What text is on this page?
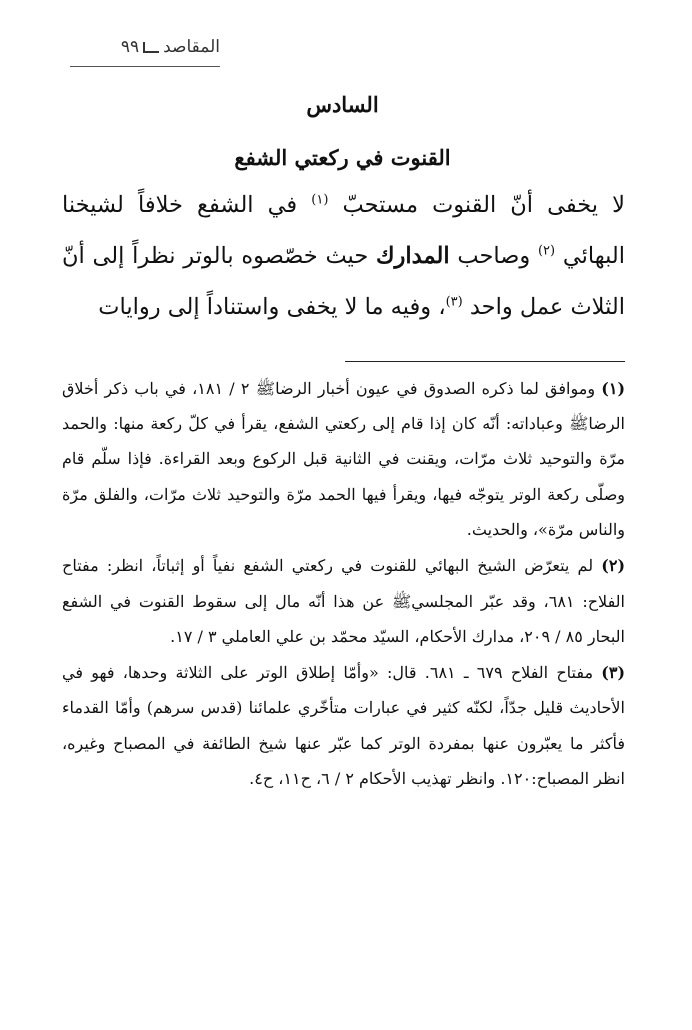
المقاصد٩٩
السادس
القنوت في ركعتي الشفع

لا يخفى أنّ القنوت مستحبّ $^{(١)}$ في الشفع خلافاً لشيخنا البهائي $^{(٢)}$ وصاحب المدارك حيث خصّصوه بالوتر نظراً إلى أنّ الثلاث عمل واحد $^{(٣)}$، وفيه ما لا يخفى واستناداً إلى روايات

(١) وموافق لما ذكره الصدوق في عيون أخبار الرضاﷺ ٢ / ١٨١، في باب ذكر أخلاق الرضاﷺ وعباداته: أنّه كان إذا قام إلى ركعتي الشفع، يقرأ في كلّ ركعة منها: والحمد مرّة والتوحيد ثلاث مرّات، ويقنت في الثانية قبل الركوع وبعد القراءة. فإذا سلّم قام وصلّى ركعة الوتر يتوجّه فيها، ويقرأ فيها الحمد مرّة والتوحيد ثلاث مرّات، والفلق مرّة والناس مرّة»، والحديث.

(٢) لم يتعرّض الشيخ البهائي للقنوت في ركعتي الشفع نفياً أو إثباتاً، انظر: مفتاح الفلاح: ٦٨١، وقد عبّر المجلسيﷺ عن هذا أنّه مال إلى سقوط القنوت في الشفع البحار ٨٥ / ٢٠٩، مدارك الأحكام، السيّد محمّد بن علي العاملي ٣ / ١٧.

(٣) مفتاح الفلاح ٦٧٩ ـ ٦٨١. قال: «وأمّا إطلاق الوتر على الثلاثة وحدها، فهو في الأحاديث قليل جدّاً، لكنّه كثير في عبارات متأخّري علمائنا (قدس سرهم) وأمّا القدماء فأكثر ما يعبّرون عنها بمفردة الوتر كما عبّر عنها شيخ الطائفة في المصباح وغيره، انظر المصباح:١٢٠. وانظر تهذيب الأحكام ٢ / ٦، ح١١، ح٤.
